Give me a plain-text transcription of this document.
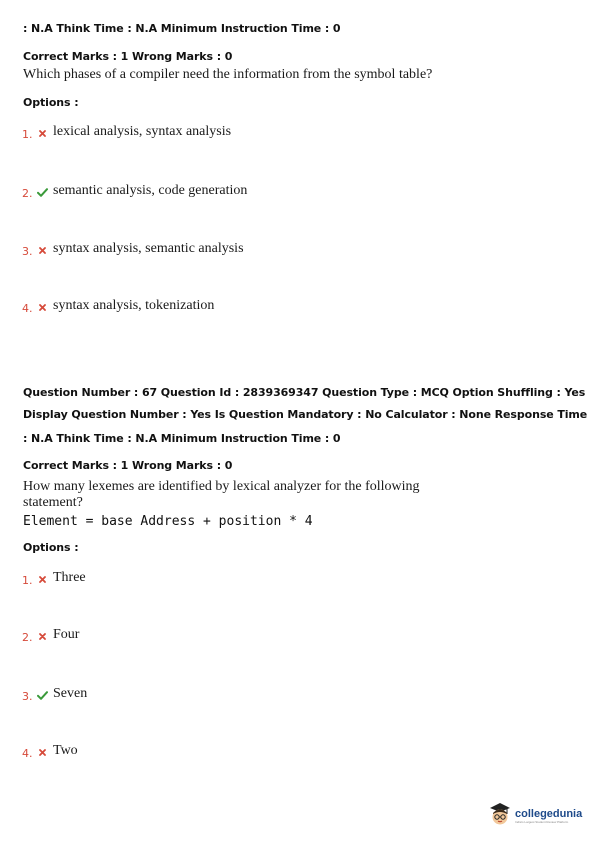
: N.A Think Time : N.A Minimum Instruction Time : 0
Correct Marks : 1 Wrong Marks : 0
Which phases of a compiler need the information from the symbol table?
Options :
1. lexical analysis, syntax analysis
2. semantic analysis, code generation
3. syntax analysis, semantic analysis
4. syntax analysis, tokenization
Question Number : 67 Question Id : 2839369347 Question Type : MCQ Option Shuffling : Yes
Display Question Number : Yes Is Question Mandatory : No Calculator : None Response Time
: N.A Think Time : N.A Minimum Instruction Time : 0
Correct Marks : 1 Wrong Marks : 0
How many lexemes are identified by lexical analyzer for the following
statement?
Element = base Address + position * 4
Options :
1. Three
2. Four
3. Seven
4. Two
collegedunia
India's Largest Student Review Platform
